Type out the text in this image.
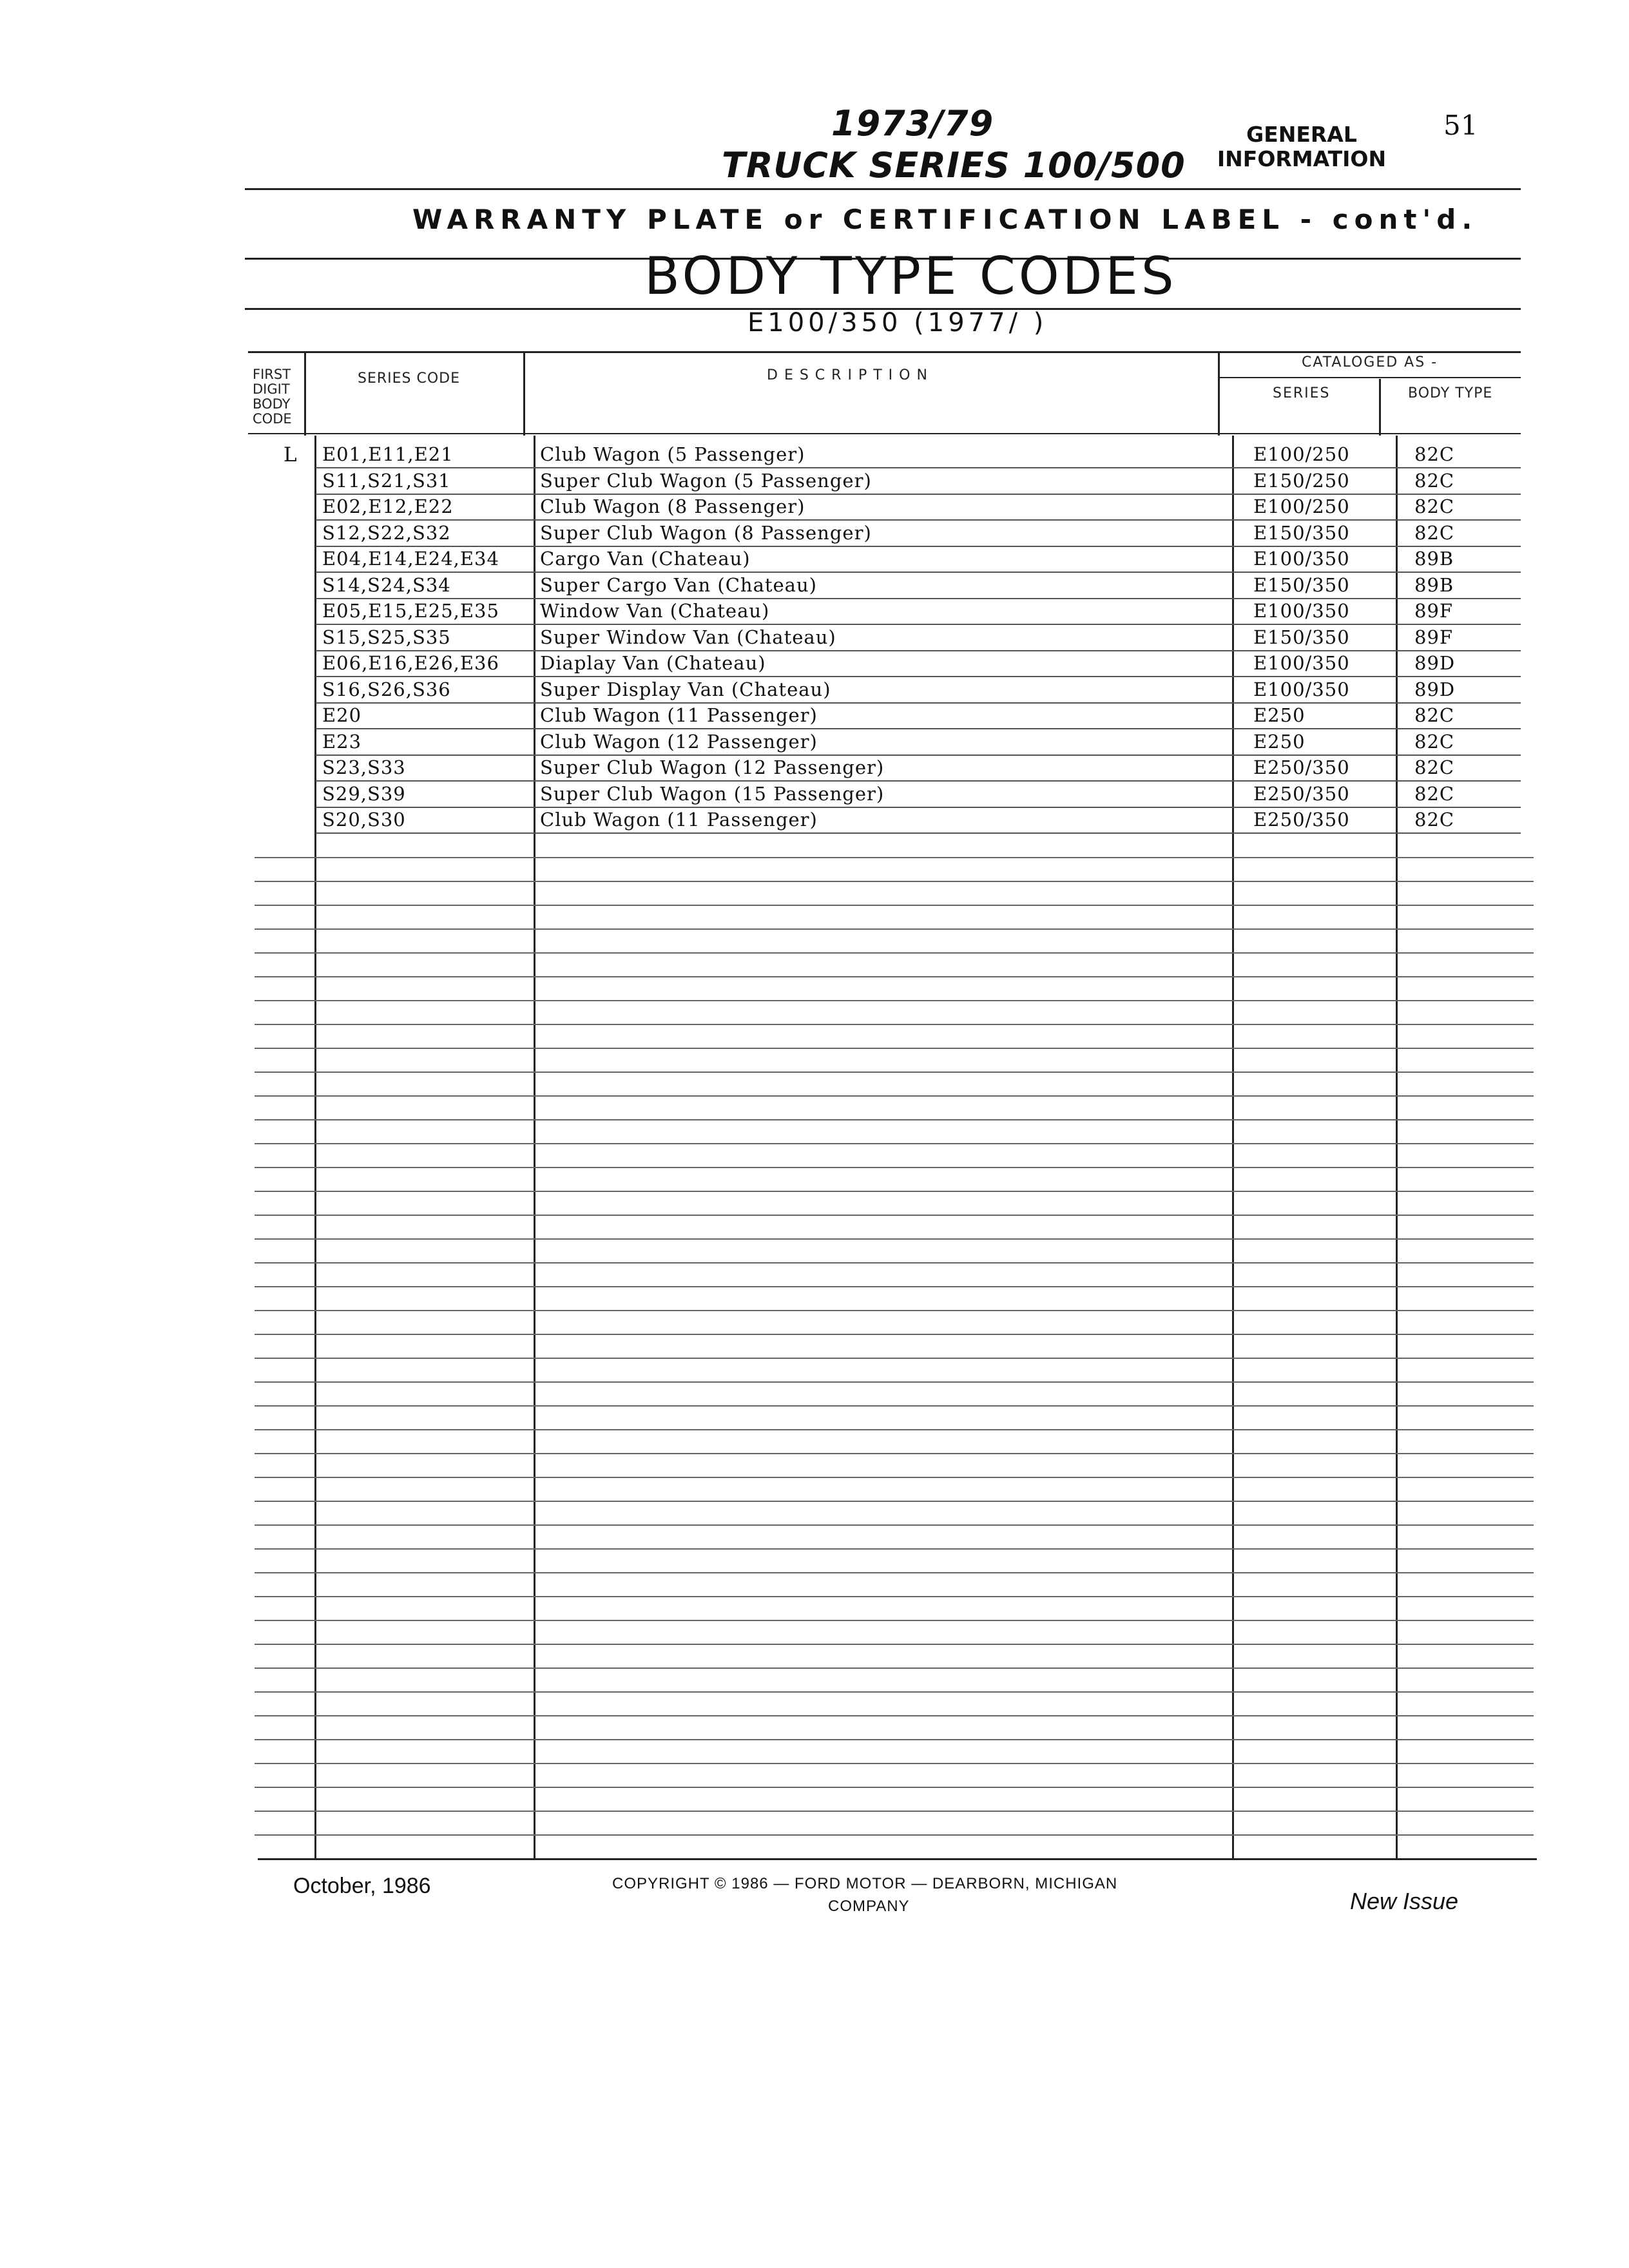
1973/79
TRUCK SERIES 100/500
GENERAL
INFORMATION
51
WARRANTY PLATE or CERTIFICATION LABEL - cont'd.
BODY TYPE CODES
E100/350 (1977/ )
FIRST
DIGIT
BODY
CODE
SERIES CODE	DESCRIPTION
CATALOGED AS -
SERIES	BODY TYPE
L E01,E11,E21	Club Wagon (5 Passenger)	E100/250	82C
S11,S21,S31	Super Club Wagon (5 Passenger)	E150/250	82C
E02,E12,E22	Club Wagon (8 Passenger)	E100/250	82C
S12,S22,S32	Super Club Wagon (8 Passenger)	E150/350	82C
E04,E14,E24,E34 Cargo Van (Chateau)	E100/350	89B
S14,S24,S34	Super Cargo Van (Chateau)	E150/350	89B
E05,E15,E25,E35 Window Van (Chateau)	E100/350	89F
S15,S25,S35	Super Window Van (Chateau)	E150/350	89F
E06,E16,E26,E36 Diaplay Van (Chateau)	E100/350	89D
S16,S26,S36	Super Display Van (Chateau)	E100/350	89D
E20	Club Wagon (11 Passenger)	E250	82C
E23	Club Wagon (12 Passenger)	E250	82C
S23,S33	Super Club Wagon (12 Passenger)	E250/350	82C
S29,S39	Super Club Wagon (15 Passenger)	E250/350	82C
S20,S30	Club Wagon (11 Passenger)	E250/350	82C
October, 1986	COPYRIGHT © 1986 — FORD MOTOR — DEARBORN, MICHIGAN
COMPANY	New Issue
